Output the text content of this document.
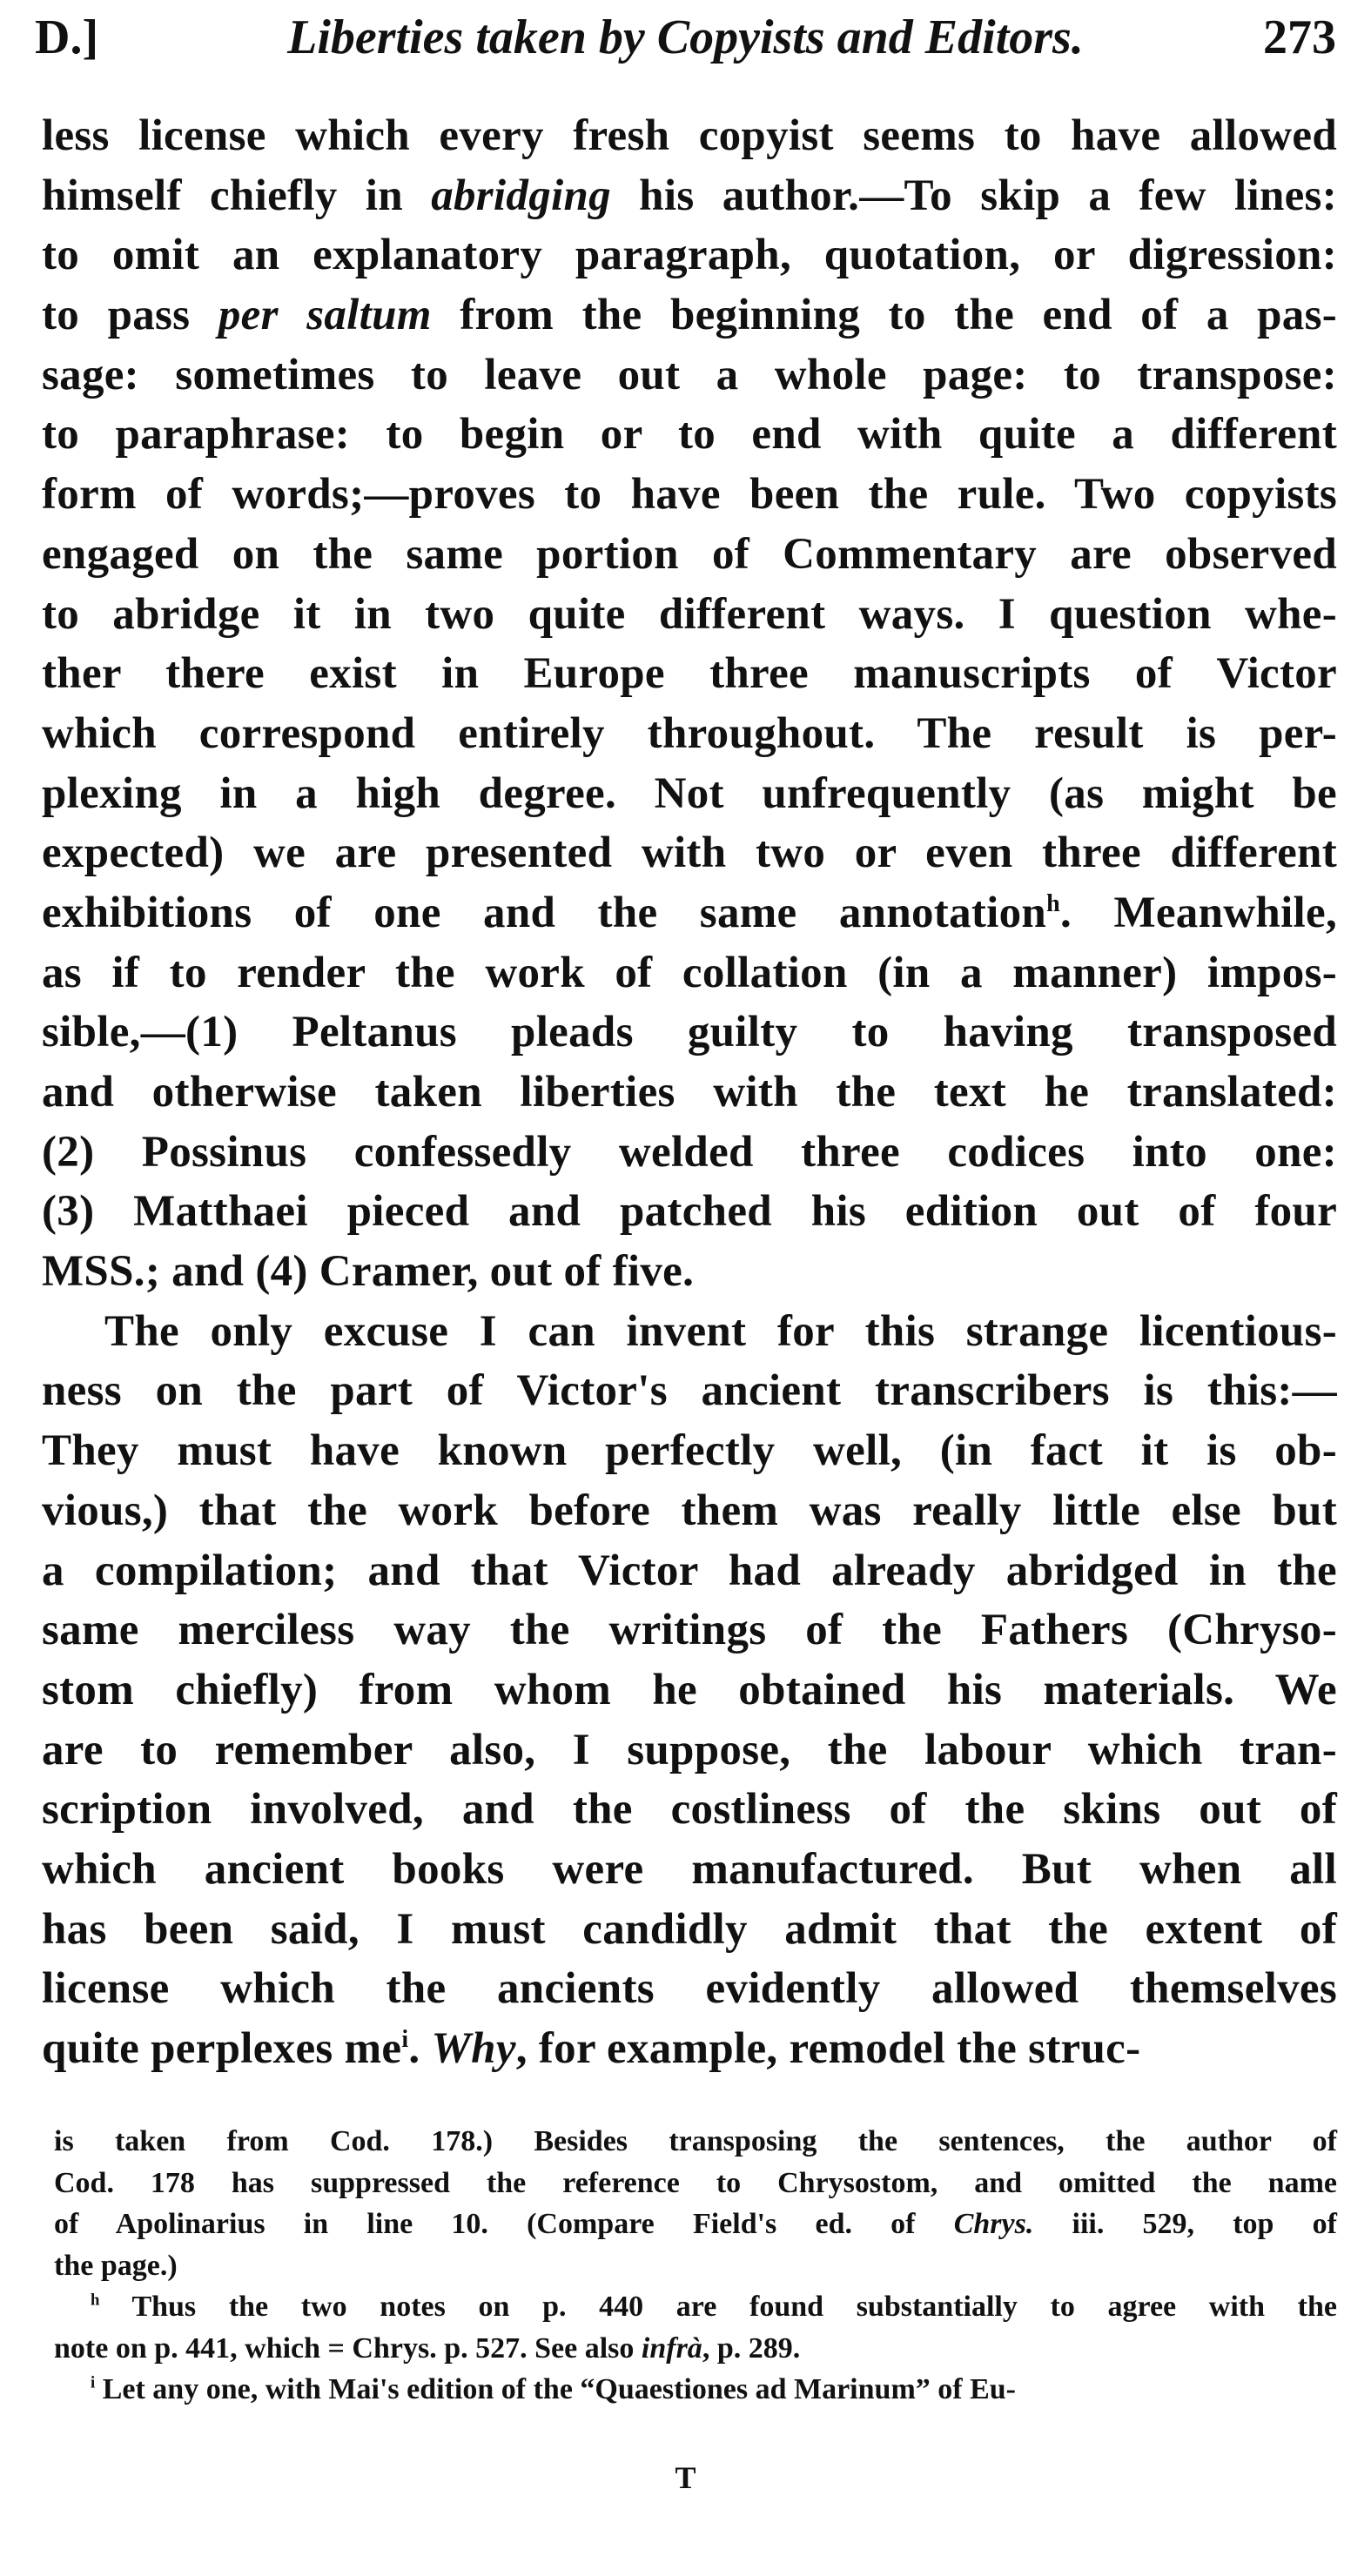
D.]	Liberties taken by Copyists and Editors.	273
less license which every fresh copyist seems to have allowed
himself chiefly in abridging his author.—To skip a few lines:
to omit an explanatory paragraph, quotation, or digression:
to pass per saltum from the beginning to the end of a pas-
sage: sometimes to leave out a whole page: to transpose:
to paraphrase: to begin or to end with quite a different
form of words;—proves to have been the rule. Two copyists
engaged on the same portion of Commentary are observed
to abridge it in two quite different ways. I question whe-
ther there exist in Europe three manuscripts of Victor
which correspond entirely throughout. The result is per-
plexing in a high degree. Not unfrequently (as might be
expected) we are presented with two or even three different
exhibitions of one and the same annotation$^h$. Meanwhile,
as if to render the work of collation (in a manner) impos-
sible,—(1) Peltanus pleads guilty to having transposed
and otherwise taken liberties with the text he translated:
(2) Possinus confessedly welded three codices into one:
(3) Matthaei pieced and patched his edition out of four
MSS.; and (4) Cramer, out of five.
The only excuse I can invent for this strange licentious-
ness on the part of Victor's ancient transcribers is this:—
They must have known perfectly well, (in fact it is ob-
vious,) that the work before them was really little else but
a compilation; and that Victor had already abridged in the
same merciless way the writings of the Fathers (Chryso-
stom chiefly) from whom he obtained his materials. We
are to remember also, I suppose, the labour which tran-
scription involved, and the costliness of the skins out of
which ancient books were manufactured. But when all
has been said, I must candidly admit that the extent of
license which the ancients evidently allowed themselves
quite perplexes $me^i$. Why, for example, remodel the struc-
is taken from Cod. 178.) Besides transposing the sentences, the author of
Cod. 178 has suppressed the reference to Chrysostom, and omitted the name
of Apolinarius in line 10. (Compare Field's ed. of Chrys. iii. 529, top of
the page.)
$^h$ Thus the two notes on p. 440 are found substantially to agree with the
note on p. 441, which = Chrys. p. 527. See also infrà, p. 289.
$^i$ Let any one, with Mai's edition of the “Quaestiones ad Marinum” of Eu-
T
